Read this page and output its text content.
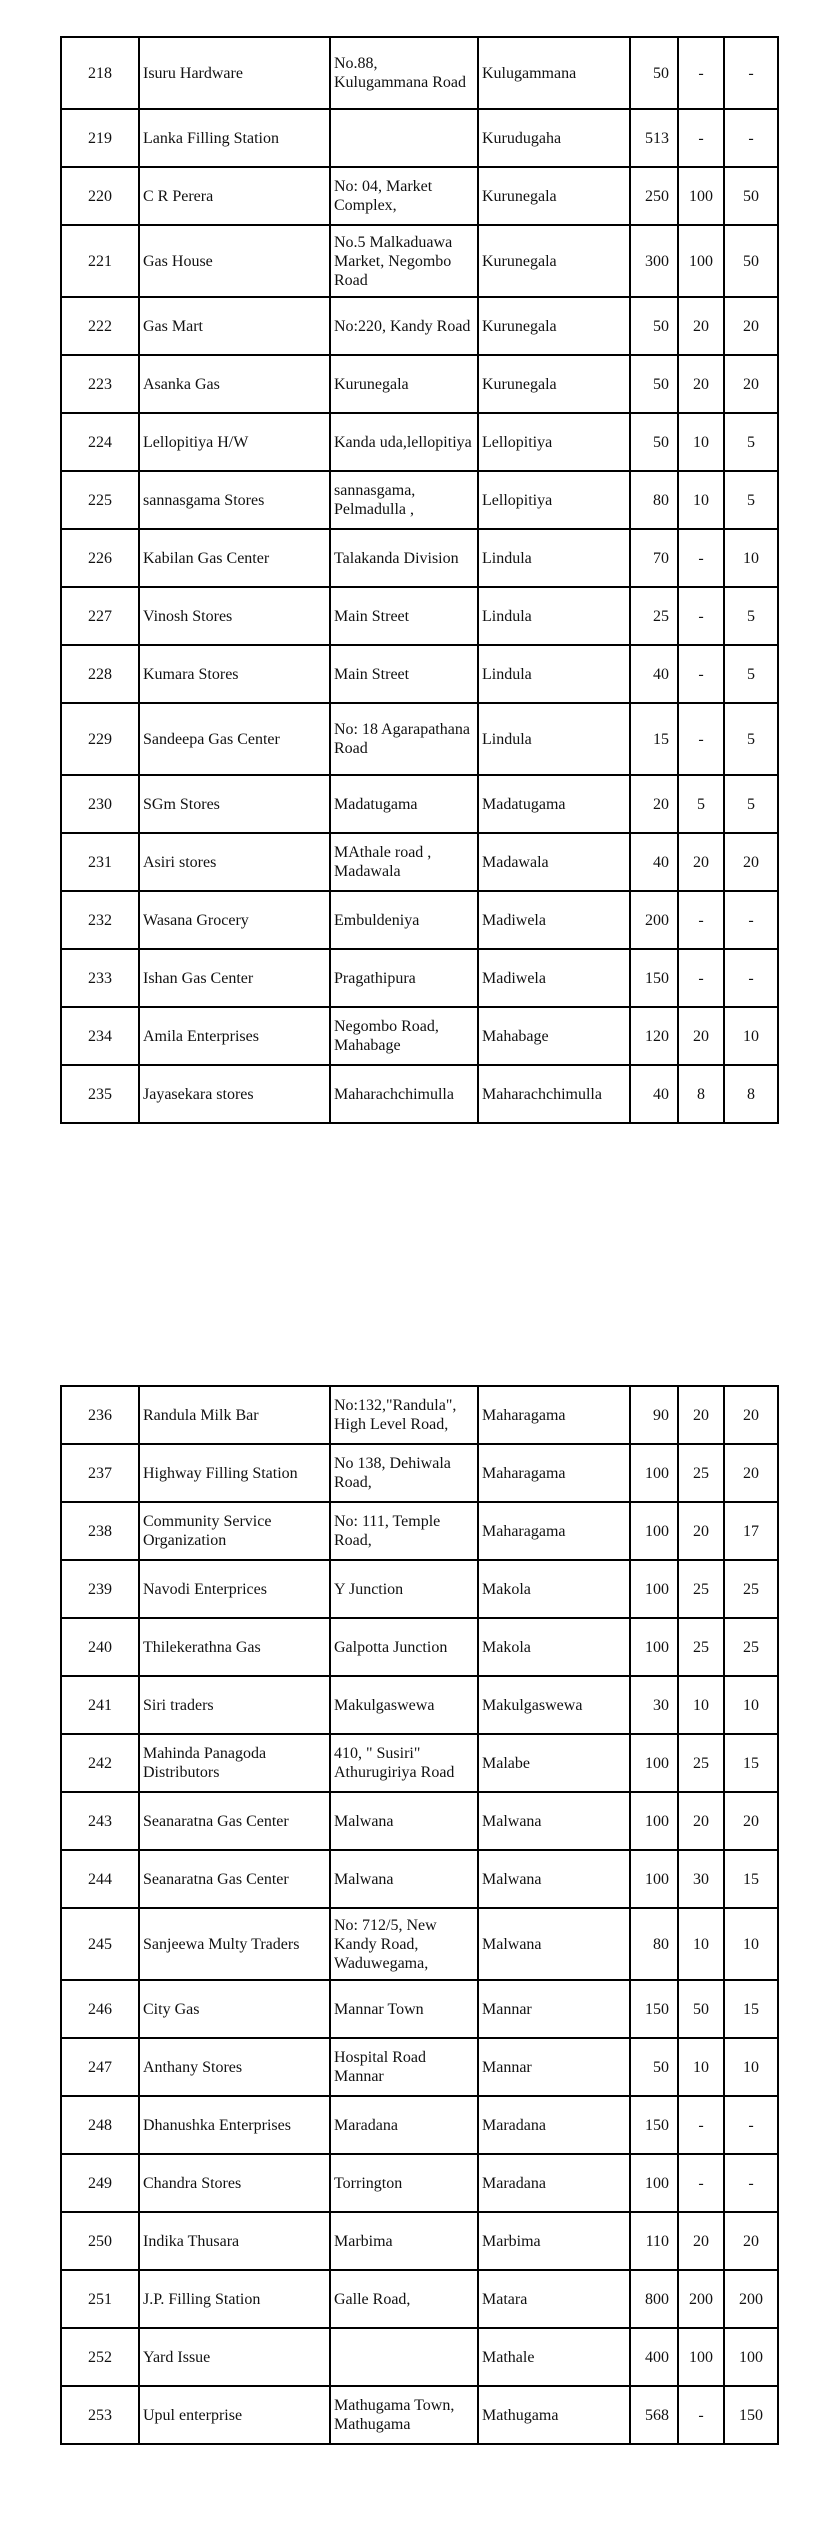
218	Isuru Hardware	No.88, Kulugammana Road	Kulugammana	50	-	-
219	Lanka Filling Station		Kurudugaha	513	-	-
220	C R Perera	No: 04, Market Complex,	Kurunegala	250	100	50
221	Gas House	No.5 Malkaduawa Market, Negombo Road	Kurunegala	300	100	50
222	Gas Mart	No:220, Kandy Road	Kurunegala	50	20	20
223	Asanka Gas	Kurunegala	Kurunegala	50	20	20
224	Lellopitiya H/W	Kanda uda,lellopitiya	Lellopitiya	50	10	5
225	sannasgama Stores	sannasgama, Pelmadulla ,	Lellopitiya	80	10	5
226	Kabilan Gas Center	Talakanda Division	Lindula	70	-	10
227	Vinosh Stores	Main Street	Lindula	25	-	5
228	Kumara Stores	Main Street	Lindula	40	-	5
229	Sandeepa Gas Center	No: 18 Agarapathana Road	Lindula	15	-	5
230	SGm Stores	Madatugama	Madatugama	20	5	5
231	Asiri stores	MAthale road , Madawala	Madawala	40	20	20
232	Wasana Grocery	Embuldeniya	Madiwela	200	-	-
233	Ishan Gas Center	Pragathipura	Madiwela	150	-	-
234	Amila Enterprises	Negombo Road, Mahabage	Mahabage	120	20	10
235	Jayasekara stores	Maharachchimulla	Maharachchimulla	40	8	8
236	Randula Milk Bar	No:132,"Randula", High Level Road,	Maharagama	90	20	20
237	Highway Filling Station	No 138, Dehiwala Road,	Maharagama	100	25	20
238	Community Service Organization	No: 111, Temple Road,	Maharagama	100	20	17
239	Navodi Enterprices	Y Junction	Makola	100	25	25
240	Thilekerathna Gas	Galpotta Junction	Makola	100	25	25
241	Siri traders	Makulgaswewa	Makulgaswewa	30	10	10
242	Mahinda Panagoda Distributors	410, " Susiri" Athurugiriya Road	Malabe	100	25	15
243	Seanaratna Gas Center	Malwana	Malwana	100	20	20
244	Seanaratna Gas Center	Malwana	Malwana	100	30	15
245	Sanjeewa Multy Traders	No: 712/5, New Kandy Road, Waduwegama,	Malwana	80	10	10
246	City Gas	Mannar Town	Mannar	150	50	15
247	Anthany Stores	Hospital Road Mannar	Mannar	50	10	10
248	Dhanushka Enterprises	Maradana	Maradana	150	-	-
249	Chandra Stores	Torrington	Maradana	100	-	-
250	Indika Thusara	Marbima	Marbima	110	20	20
251	J.P. Filling Station	Galle Road,	Matara	800	200	200
252	Yard Issue		Mathale	400	100	100
253	Upul enterprise	Mathugama Town, Mathugama	Mathugama	568	-	150
